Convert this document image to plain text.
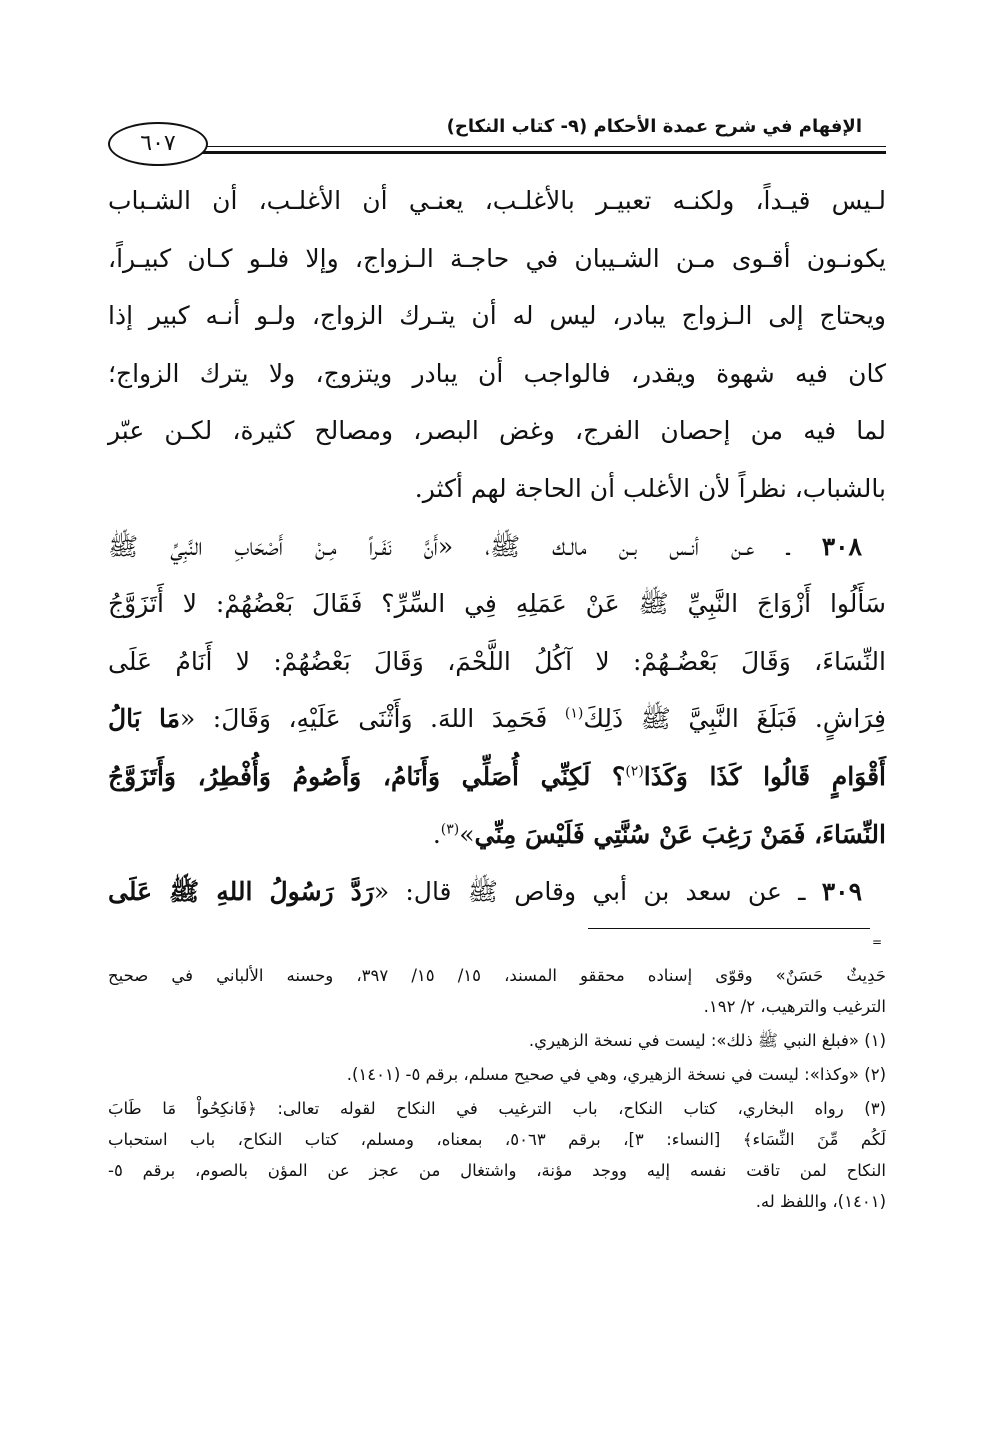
الإفهام في شرح عمدة الأحكام (٩- كتاب النكاح)
٦٠٧
لـيس قيـداً، ولكنـه تعبيـر بالأغلـب، يعنـي أن الأغلـب، أن الشـباب
يكونـون أقـوى مـن الشـيبان في حاجـة الـزواج، وإلا فلـو كـان كبيـراً،
ويحتاج إلى الـزواج يبادر، ليس له أن يتـرك الزواج، ولـو أنـه كبير إذا
كان فيه شهوة ويقدر، فالواجب أن يبادر ويتزوج، ولا يترك الزواج؛
لما فيه من إحصان الفرج، وغض البصر، ومصالح كثيرة، لكـن عبّر
بالشباب، نظراً لأن الأغلب أن الحاجة لهم أكثر.
٣٠٨ ـ عـن أنـس بـن مالـك ﷺ، «أَنَّ نَفَـراً مِـنْ أَصْحَابِ النَّبِيِّ ﷺ
سَأَلُوا أَزْوَاجَ النَّبِيِّ ﷺ عَنْ عَمَلِهِ فِي السِّرِّ؟ فَقَالَ بَعْضُهُمْ: لا أَتَزَوَّجُ
النِّسَاءَ، وَقَالَ بَعْضُـهُمْ: لا آكُلُ اللَّحْمَ، وَقَالَ بَعْضُهُمْ: لا أَنَامُ عَلَى
فِرَاشٍ. فَبَلَغَ النَّبِيَّ ﷺ ذَلِكَ$^{(١)}$ فَحَمِدَ اللهَ. وَأَثْنَى عَلَيْهِ، وَقَالَ: «مَا بَالُ
أَقْوَامٍ قَالُوا كَذَا وَكَذَا$^{(٢)}$؟ لَكِنِّي أُصَلِّي وَأَنَامُ، وَأَصُومُ وَأُفْطِرُ، وَأَتَزَوَّجُ
النِّسَاءَ، فَمَنْ رَغِبَ عَنْ سُنَّتِي فَلَيْسَ مِنِّي»$^{(٣)}$.
٣٠٩ ـ عن سعد بن أبي وقاص ﷺ قال: «رَدَّ رَسُولُ اللهِ ﷺ عَلَى
=
حَدِيثٌ حَسَنٌ» وقوّى إسناده محققو المسند، ١٥/ ١٥/ ٣٩٧، وحسنه الألباني في صحيح
الترغيب والترهيب، ٢/ ١٩٢.
(١) «فبلغ النبي ﷺ ذلك»: ليست في نسخة الزهيري.
(٢) «وكذا»: ليست في نسخة الزهيري، وهي في صحيح مسلم، برقم ٥- (١٤٠١).
(٣) رواه البخاري، كتاب النكاح، باب الترغيب في النكاح لقوله تعالى: ﴿فَانكِحُواْ مَا طَابَ
لَكُم مِّنَ النِّسَاء﴾ [النساء: ٣]، برقم ٥٠٦٣، بمعناه، ومسلم، كتاب النكاح، باب استحباب
النكاح لمن تاقت نفسه إليه ووجد مؤنة، واشتغال من عجز عن المؤن بالصوم، برقم ٥-
(١٤٠١)، واللفظ له.
